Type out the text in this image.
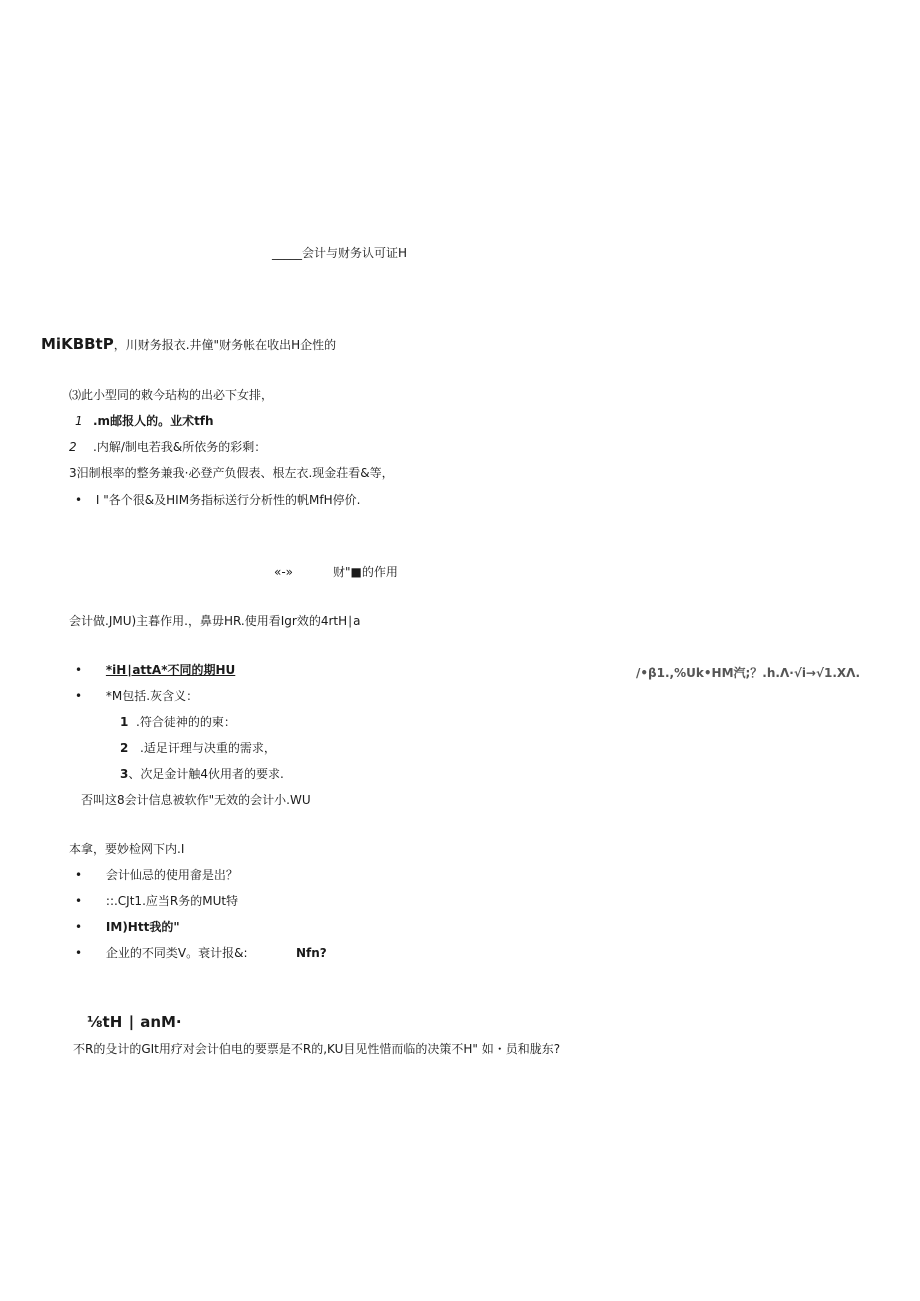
_____会计与财务认可证H
MiKBBtP，川财务报衣.井僮"财务帐在收出H企性的
⑶此小型同的敕今玷构的出必下女排，
1 .m邮报人的。业术tfh
2 .内解/制电若我&所依务的彩剩：
3汨制根率的整务兼我·必登产负假表、根左衣.现金荘看&等，
• I "各个很&及HIM务指标送行分析性的帆MfH停价.
«-»	财"■的作用
会计做.JMU)主暮作用.，鼻毋HR.使用看Igr效的4rtH∣a
• *iH∣attA*不同的期HU	/•β1.,%Uk•HM汽;？.h.Λ·√i→√1.XΛ.
• *M包括.灰含义：
1 .符合徒神的的柬：
2 .适足讦理与决重的需求，
3、次足金计触4伙用者的要求.
否叫这8会计信息被软作"无效的会计小.WU
本拿，要妙检网下内.I
• 会计仙忌的使用畲是岀？
• ::.CJt1.应当R务的MUt特
• IM)Htt我的"
• 企业的不同类V。衰计报&:	Nfn?
⅛tH ∣ anM·
不R的殳计的GIt用疗对会计伯电的要票是不R的,KU目见性惜而临的决策不H" 如・员和胧东?
